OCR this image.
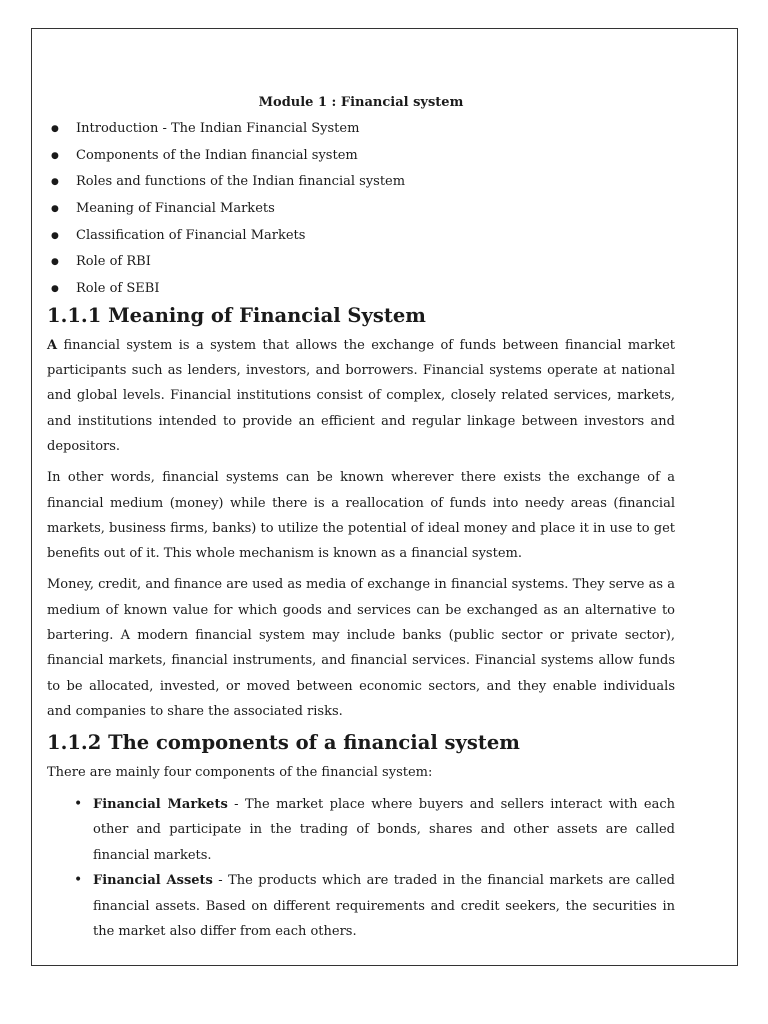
Module 1 : Financial system
● Introduction - The Indian Financial System
● Components of the Indian financial system
● Roles and functions of the Indian financial system
● Meaning of Financial Markets
● Classification of Financial Markets
● Role of RBI
● Role of SEBI
1.1.1 Meaning of Financial System

A financial system is a system that allows the exchange of funds between financial market participants such as lenders, investors, and borrowers. Financial systems operate at national and global levels. Financial institutions consist of complex, closely related services, markets, and institutions intended to provide an efficient and regular linkage between investors and depositors.

In other words, financial systems can be known wherever there exists the exchange of a financial medium (money) while there is a reallocation of funds into needy areas (financial markets, business firms, banks) to utilize the potential of ideal money and place it in use to get benefits out of it. This whole mechanism is known as a financial system.

Money, credit, and finance are used as media of exchange in financial systems. They serve as a medium of known value for which goods and services can be exchanged as an alternative to bartering. A modern financial system may include banks (public sector or private sector), financial markets, financial instruments, and financial services. Financial systems allow funds to be allocated, invested, or moved between economic sectors, and they enable individuals and companies to share the associated risks.

1.1.2 The components of a financial system

There are mainly four components of the financial system:

• Financial Markets - The market place where buyers and sellers interact with each other and participate in the trading of bonds, shares and other assets are called financial markets.
• Financial Assets - The products which are traded in the financial markets are called financial assets. Based on different requirements and credit seekers, the securities in the market also differ from each others.
